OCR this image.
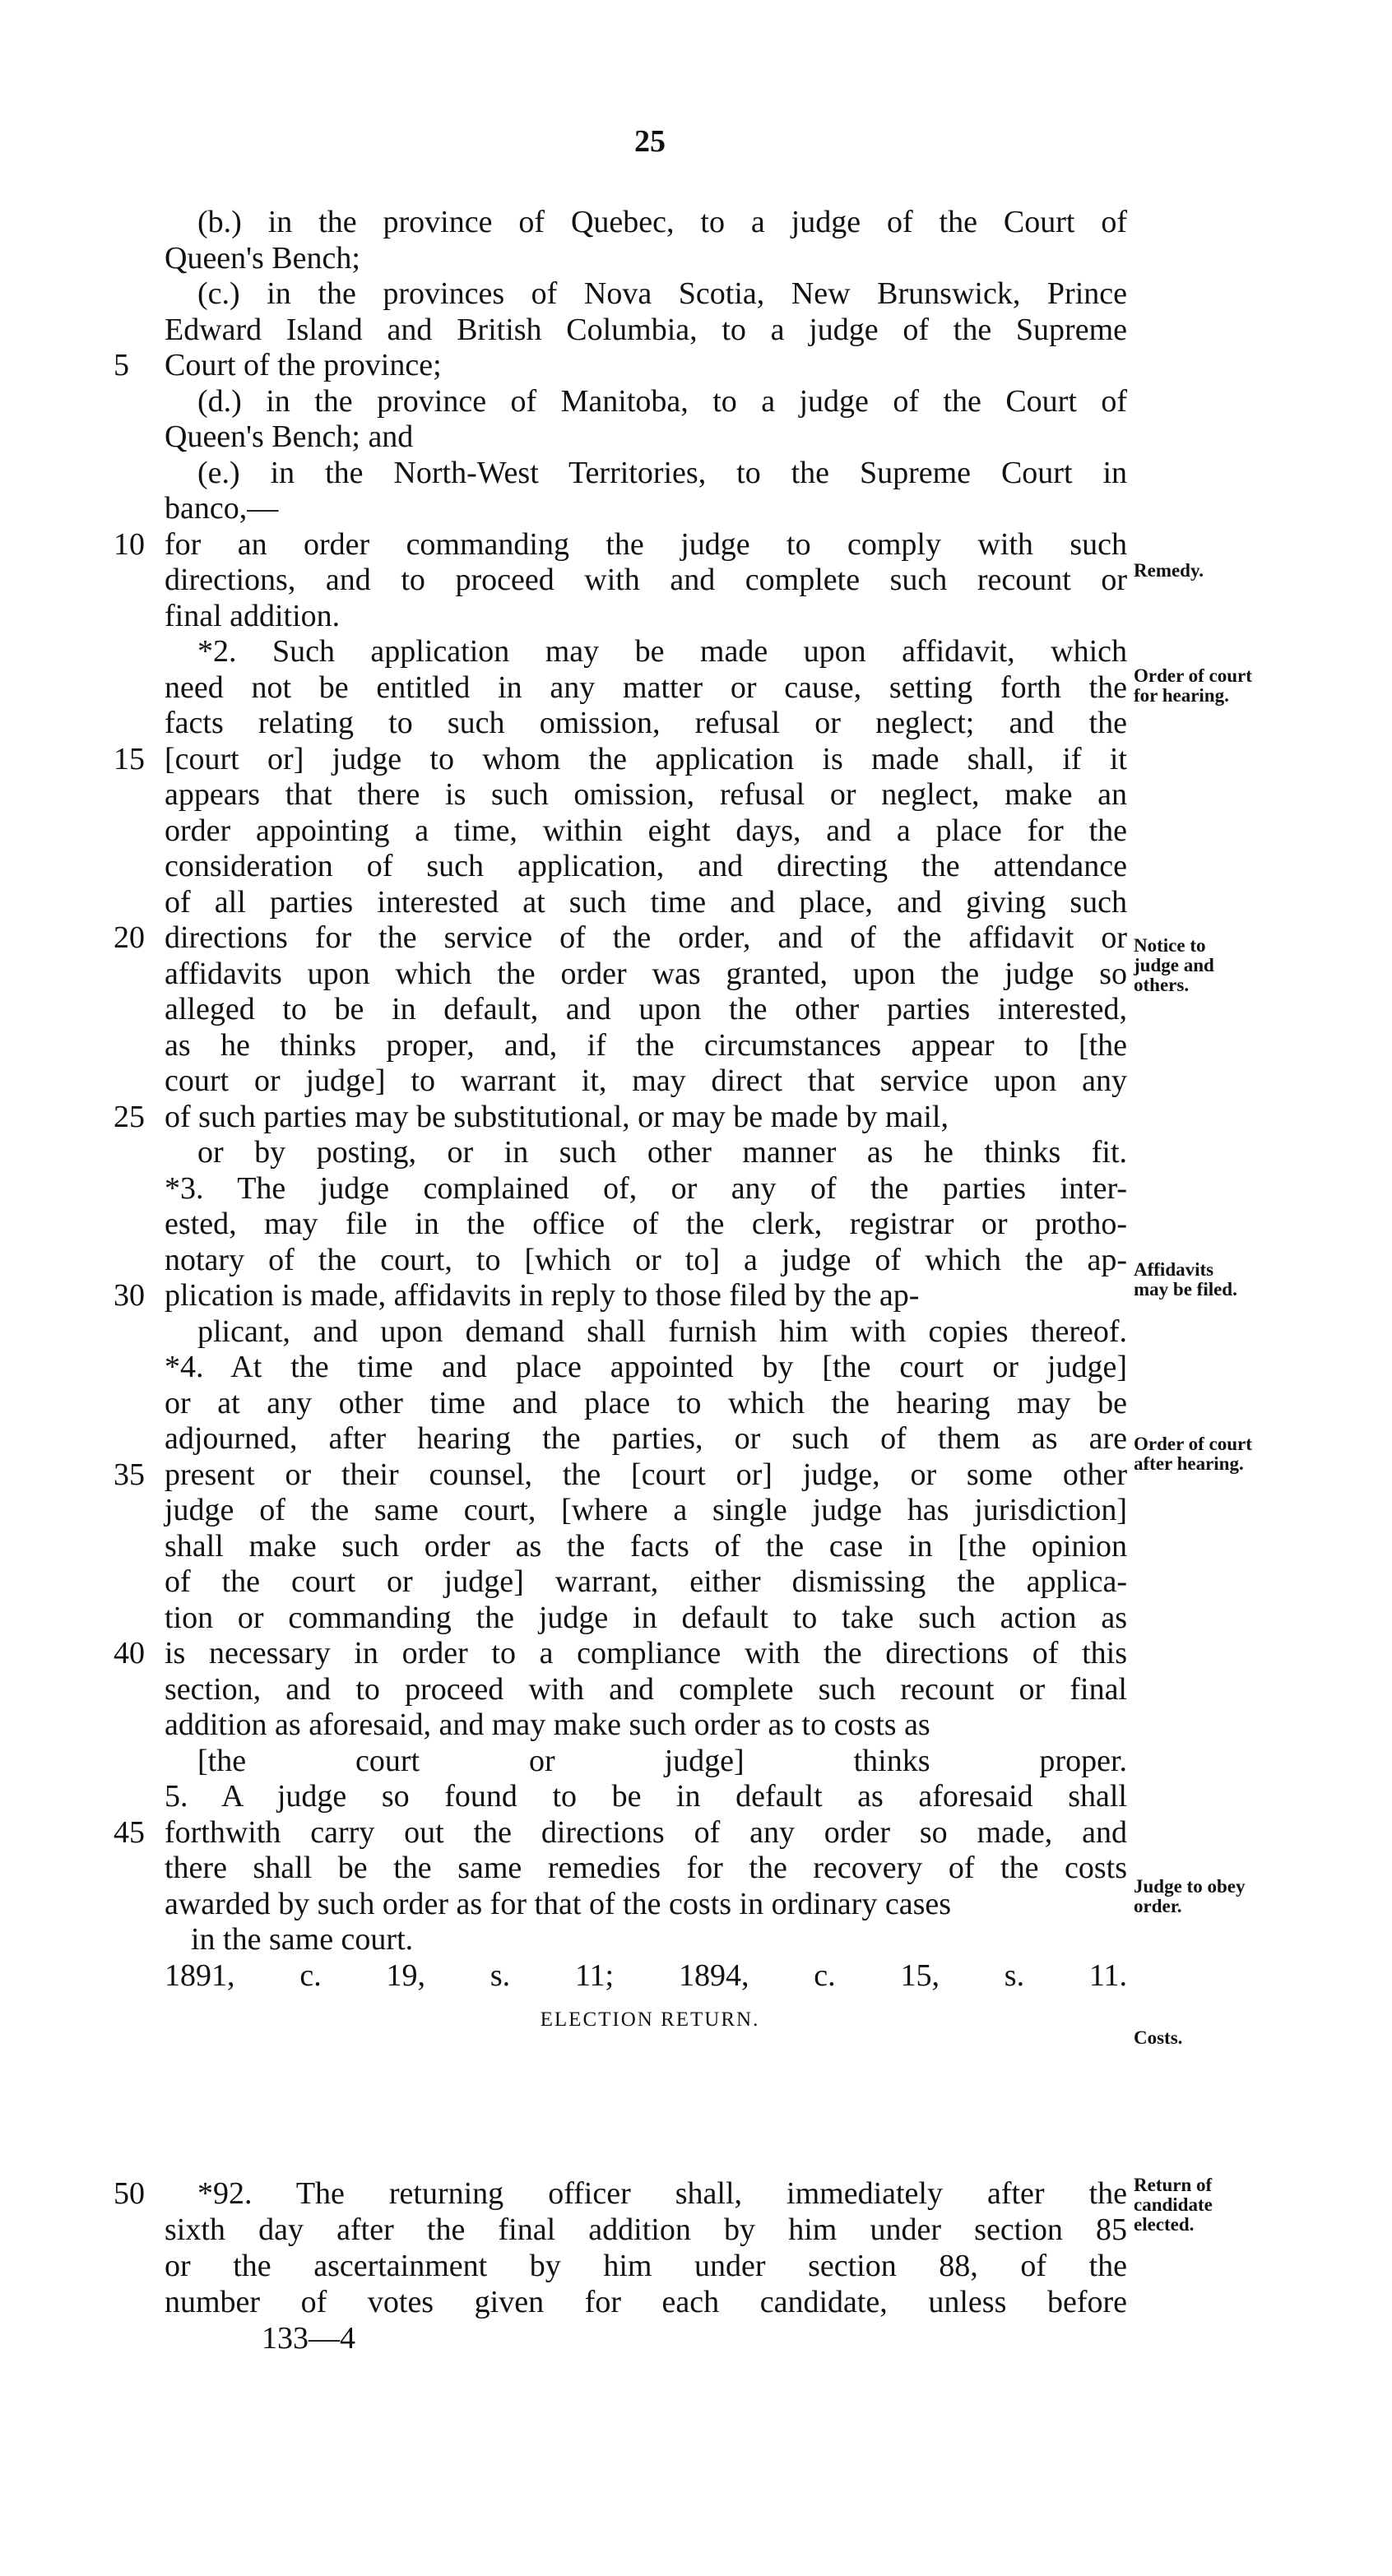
25
(b.) in the province of Quebec, to a judge of the Court of
Queen's Bench;
(c.) in the provinces of Nova Scotia, New Brunswick, Prince
Edward Island and British Columbia, to a judge of the Supreme
Court of the province;
5
(d.) in the province of Manitoba, to a judge of the Court of
Queen's Bench; and
(e.) in the North-West Territories, to the Supreme Court in
banco,—
for an order commanding the judge to comply with such
10
directions, and to proceed with and complete such recount or
final addition.
*2. Such application may be made upon affidavit, which
need not be entitled in any matter or cause, setting forth the
facts relating to such omission, refusal or neglect; and the
[court or] judge to whom the application is made shall, if it
15
appears that there is such omission, refusal or neglect, make an
order appointing a time, within eight days, and a place for the
consideration of such application, and directing the attendance
of all parties interested at such time and place, and giving such
directions for the service of the order, and of the affidavit or
20
affidavits upon which the order was granted, upon the judge so
alleged to be in default, and upon the other parties interested,
as he thinks proper, and, if the circumstances appear to [the
court or judge] to warrant it, may direct that service upon any
of such parties may be substitutional, or may be made by mail,
25
or by posting, or in such other manner as he thinks fit.
*3. The judge complained of, or any of the parties inter-
ested, may file in the office of the clerk, registrar or protho-
notary of the court, to [which or to] a judge of which the ap-
plication is made, affidavits in reply to those filed by the ap-
30
plicant, and upon demand shall furnish him with copies thereof.
*4. At the time and place appointed by [the court or judge]
or at any other time and place to which the hearing may be
adjourned, after hearing the parties, or such of them as are
present or their counsel, the [court or] judge, or some other
35
judge of the same court, [where a single judge has jurisdiction]
shall make such order as the facts of the case in [the opinion
of the court or judge] warrant, either dismissing the applica-
tion or commanding the judge in default to take such action as
is necessary in order to a compliance with the directions of this
40
section, and to proceed with and complete such recount or final
addition as aforesaid, and may make such order as to costs as
[the court or judge] thinks proper.
5. A judge so found to be in default as aforesaid shall
forthwith carry out the directions of any order so made, and
45
there shall be the same remedies for the recovery of the costs
awarded by such order as for that of the costs in ordinary cases
in the same court.
1891, c. 19, s. 11; 1894, c. 15, s. 11.
ELECTION RETURN.
*92. The returning officer shall, immediately after the
50
sixth day after the final addition by him under section 85
or the ascertainment by him under section 88, of the
number of votes given for each candidate, unless before
133—4
Remedy.
Order of court
for hearing.
Notice to
judge and
others.
Affidavits
may be filed.
Order of court
after hearing.
Judge to obey
order.
Costs.
Return of
candidate
elected.
